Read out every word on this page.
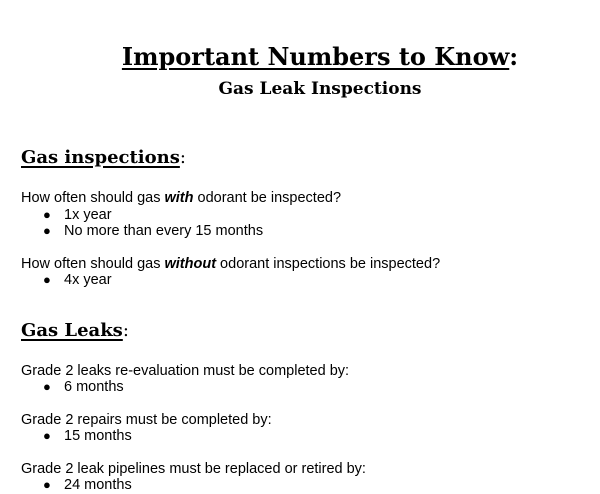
Important Numbers to Know:
Gas Leak Inspections
Gas inspections:
How often should gas with odorant be inspected?
● 1x year
● No more than every 15 months
How often should gas without odorant inspections be inspected?
● 4x year
Gas Leaks:
Grade 2 leaks re-evaluation must be completed by:
● 6 months
Grade 2 repairs must be completed by:
● 15 months
Grade 2 leak pipelines must be replaced or retired by:
● 24 months
